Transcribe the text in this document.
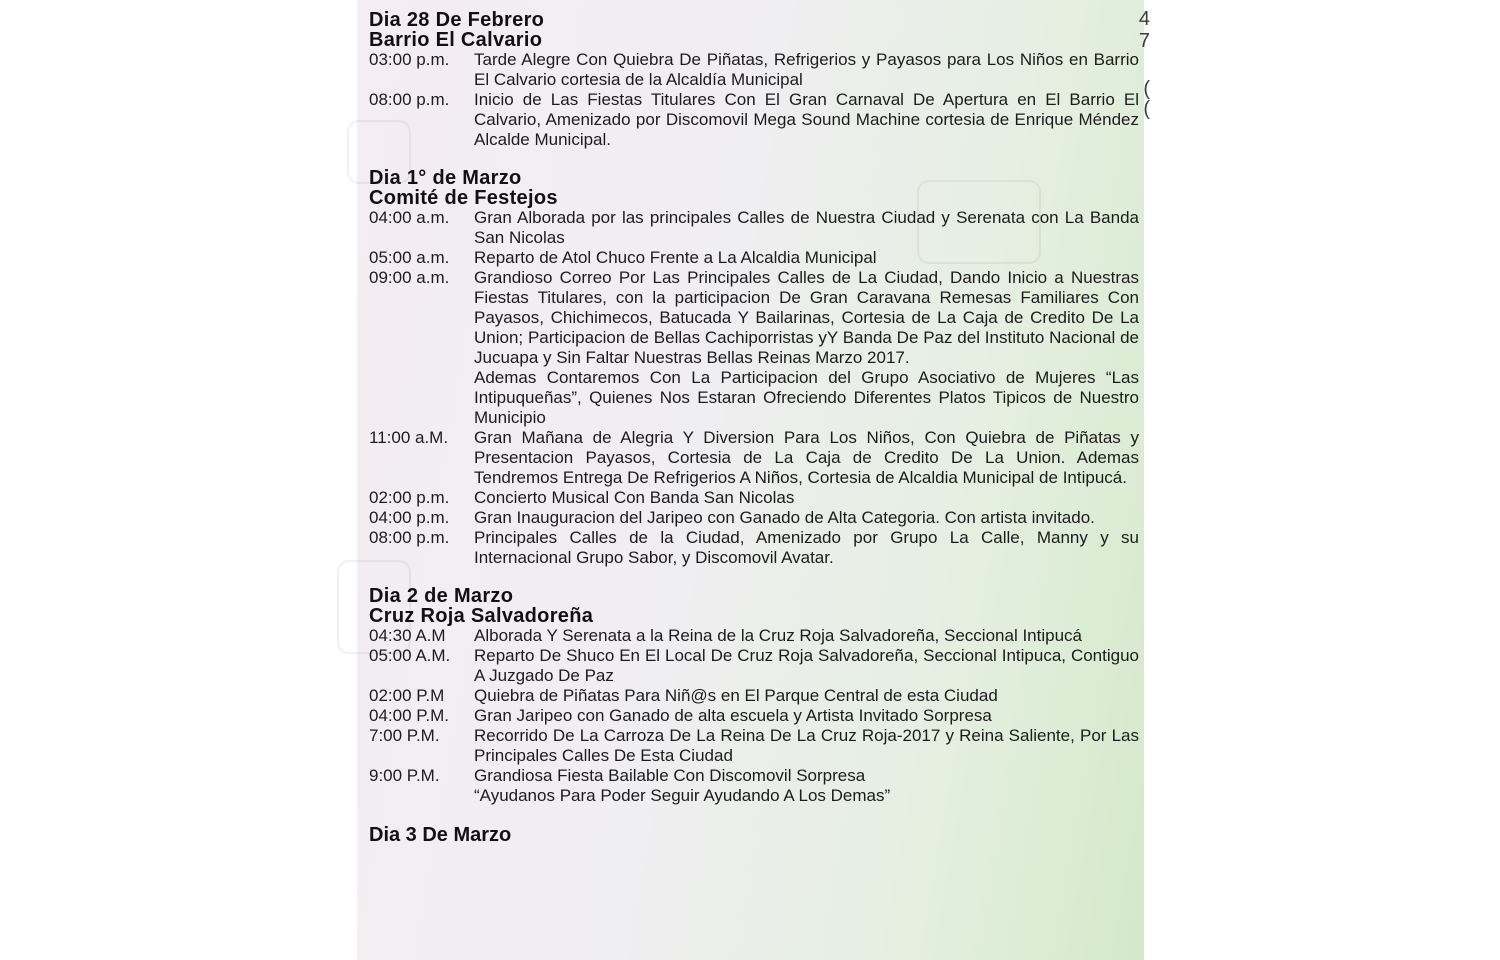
4
7
(
(
Dia 28 De Febrero
Barrio El Calvario
03:00 p.m.	Tarde Alegre Con Quiebra De Piñatas, Refrigerios y Payasos para Los Niños en Barrio El Calvario cortesia de la Alcaldía Municipal

08:00 p.m.	Inicio de Las Fiestas Titulares Con El Gran Carnaval De Apertura en El Barrio El Calvario, Amenizado por Discomovil Mega Sound Machine cortesia de Enrique Méndez Alcalde Municipal.

Dia 1° de Marzo
Comité de Festejos
04:00 a.m.	Gran Alborada por las principales Calles de Nuestra Ciudad y Serenata con La Banda San Nicolas

05:00 a.m.	Reparto de Atol Chuco Frente a La Alcaldia Municipal

09:00 a.m.	Grandioso Correo Por Las Principales Calles de La Ciudad, Dando Inicio a Nuestras Fiestas Titulares, con la participacion De Gran Caravana Remesas Familiares Con Payasos, Chichimecos, Batucada Y Bailarinas, Cortesia de La Caja de Credito De La Union; Participacion de Bellas Cachiporristas yY Banda De Paz del Instituto Nacional de Jucuapa y Sin Faltar Nuestras Bellas Reinas Marzo 2017.

Ademas Contaremos Con La Participacion del Grupo Asociativo de Mujeres “Las Intipuqueñas”, Quienes Nos Estaran Ofreciendo Diferentes Platos Tipicos de Nuestro Municipio

11:00 a.M.	Gran Mañana de Alegria Y Diversion Para Los Niños, Con Quiebra de Piñatas y Presentacion Payasos, Cortesia de La Caja de Credito De La Union. Ademas Tendremos Entrega De Refrigerios A Niños, Cortesia de Alcaldia Municipal de Intipucá.

02:00 p.m.	Concierto Musical Con Banda San Nicolas

04:00 p.m.	Gran Inauguracion del Jaripeo con Ganado de Alta Categoria. Con artista invitado.

08:00 p.m.	Principales Calles de la Ciudad, Amenizado por Grupo La Calle, Manny y su Internacional Grupo Sabor, y Discomovil Avatar.

Dia 2 de Marzo
Cruz Roja Salvadoreña
04:30 A.M	Alborada Y Serenata a la Reina de la Cruz Roja Salvadoreña, Seccional Intipucá

05:00 A.M.	Reparto De Shuco En El Local De Cruz Roja Salvadoreña, Seccional Intipuca, Contiguo A Juzgado De Paz

02:00 P.M	Quiebra de Piñatas Para Niñ@s en El Parque Central de esta Ciudad

04:00 P.M.	Gran Jaripeo con Ganado de alta escuela y Artista Invitado Sorpresa

7:00 P.M.	Recorrido De La Carroza De La Reina De La Cruz Roja-2017 y Reina Saliente, Por Las Principales Calles De Esta Ciudad

9:00 P.M.	Grandiosa Fiesta Bailable Con Discomovil Sorpresa

“Ayudanos Para Poder Seguir Ayudando A Los Demas”

Dia 3 De Marzo
